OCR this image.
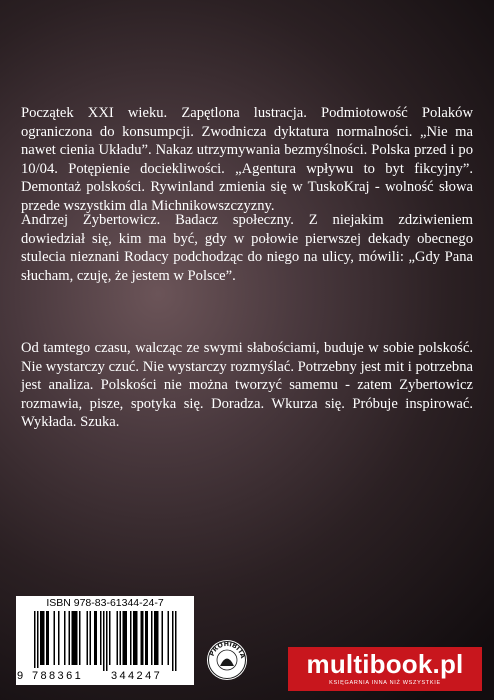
Początek XXI wieku. Zapętlona lustracja. Podmiotowość Polaków ograniczona do konsumpcji. Zwodnicza dyktatura normalności. „Nie ma nawet cienia Układu”. Nakaz utrzymywania bezmyślności. Polska przed i po 10/04. Potępienie dociekliwości. „Agentura wpływu to byt fikcyjny”. Demontaż polskości. Rywinland zmienia się w TuskoKraj - wolność słowa przede wszystkim dla Michnikowszczyzny.

Andrzej Zybertowicz. Badacz społeczny. Z niejakim zdziwieniem dowiedział się, kim ma być, gdy w połowie pierwszej dekady obecnego stulecia nieznani Rodacy podchodząc do niego na ulicy, mówili: „Gdy Pana słucham, czuję, że jestem w Polsce”.

Od tamtego czasu, walcząc ze swymi słabościami, buduje w sobie polskość. Nie wystarczy czuć. Nie wystarczy rozmyślać. Potrzebny jest mit i potrzebna jest analiza. Polskości nie można tworzyć samemu - zatem Zybertowicz rozmawia, pisze, spotyka się. Doradza. Wkurza się. Próbuje inspirować. Wykłada. Szuka.

ISBN 978-83-61344-24-7
9 788361	344247
PROHIBITA	multibook.pl
KSIĘGARNIA INNA NIŻ WSZYSTKIE
